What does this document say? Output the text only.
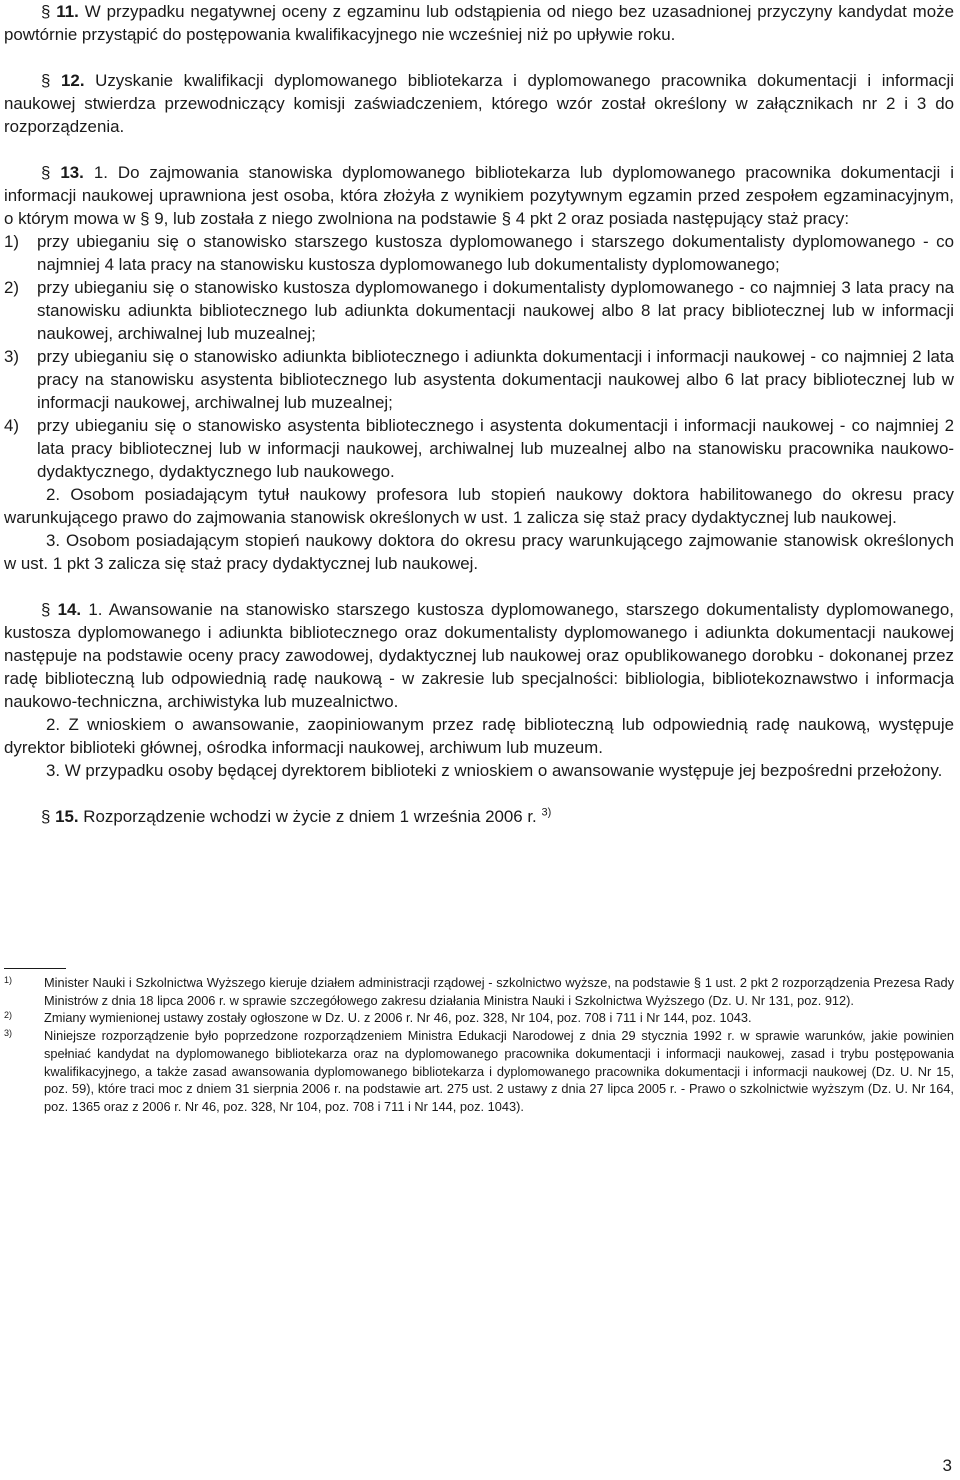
§ 11. W przypadku negatywnej oceny z egzaminu lub odstąpienia od niego bez uzasadnionej przyczyny kandydat może powtórnie przystąpić do postępowania kwalifikacyjnego nie wcześniej niż po upływie roku.

§ 12. Uzyskanie kwalifikacji dyplomowanego bibliotekarza i dyplomowanego pracownika dokumentacji i informacji naukowej stwierdza przewodniczący komisji zaświadczeniem, którego wzór został określony w załącznikach nr 2 i 3 do rozporządzenia.

§ 13. 1. Do zajmowania stanowiska dyplomowanego bibliotekarza lub dyplomowanego pracownika dokumentacji i informacji naukowej uprawniona jest osoba, która złożyła z wynikiem pozytywnym egzamin przed zespołem egzaminacyjnym, o którym mowa w § 9, lub została z niego zwolniona na podstawie § 4 pkt 2 oraz posiada następujący staż pracy:

1) przy ubieganiu się o stanowisko starszego kustosza dyplomowanego i starszego dokumentalisty dyplomowanego - co najmniej 4 lata pracy na stanowisku kustosza dyplomowanego lub dokumentalisty dyplomowanego;
2) przy ubieganiu się o stanowisko kustosza dyplomowanego i dokumentalisty dyplomowanego - co najmniej 3 lata pracy na stanowisku adiunkta bibliotecznego lub adiunkta dokumentacji naukowej albo 8 lat pracy bibliotecznej lub w informacji naukowej, archiwalnej lub muzealnej;
3) przy ubieganiu się o stanowisko adiunkta bibliotecznego i adiunkta dokumentacji i informacji naukowej - co najmniej 2 lata pracy na stanowisku asystenta bibliotecznego lub asystenta dokumentacji naukowej albo 6 lat pracy bibliotecznej lub w informacji naukowej, archiwalnej lub muzealnej;
4) przy ubieganiu się o stanowisko asystenta bibliotecznego i asystenta dokumentacji i informacji naukowej - co najmniej 2 lata pracy bibliotecznej lub w informacji naukowej, archiwalnej lub muzealnej albo na stanowisku pracownika naukowo-dydaktycznego, dydaktycznego lub naukowego.

2. Osobom posiadającym tytuł naukowy profesora lub stopień naukowy doktora habilitowanego do okresu pracy warunkującego prawo do zajmowania stanowisk określonych w ust. 1 zalicza się staż pracy dydaktycznej lub naukowej.

3. Osobom posiadającym stopień naukowy doktora do okresu pracy warunkującego zajmowanie stanowisk określonych w ust. 1 pkt 3 zalicza się staż pracy dydaktycznej lub naukowej.

§ 14. 1. Awansowanie na stanowisko starszego kustosza dyplomowanego, starszego dokumentalisty dyplomowanego, kustosza dyplomowanego i adiunkta bibliotecznego oraz dokumentalisty dyplomowanego i adiunkta dokumentacji naukowej następuje na podstawie oceny pracy zawodowej, dydaktycznej lub naukowej oraz opublikowanego dorobku - dokonanej przez radę biblioteczną lub odpowiednią radę naukową - w zakresie lub specjalności: bibliologia, bibliotekoznawstwo i informacja naukowo-techniczna, archiwistyka lub muzealnictwo.

2. Z wnioskiem o awansowanie, zaopiniowanym przez radę biblioteczną lub odpowiednią radę naukową, występuje dyrektor biblioteki głównej, ośrodka informacji naukowej, archiwum lub muzeum.

3. W przypadku osoby będącej dyrektorem biblioteki z wnioskiem o awansowanie występuje jej bezpośredni przełożony.

§ 15. Rozporządzenie wchodzi w życie z dniem 1 września 2006 r. $^{3)}$

1) Minister Nauki i Szkolnictwa Wyższego kieruje działem administracji rządowej - szkolnictwo wyższe, na podstawie § 1 ust. 2 pkt 2 rozporządzenia Prezesa Rady Ministrów z dnia 18 lipca 2006 r. w sprawie szczegółowego zakresu działania Ministra Nauki i Szkolnictwa Wyższego (Dz. U. Nr 131, poz. 912).
2) Zmiany wymienionej ustawy zostały ogłoszone w Dz. U. z 2006 r. Nr 46, poz. 328, Nr 104, poz. 708 i 711 i Nr 144, poz. 1043.
3) Niniejsze rozporządzenie było poprzedzone rozporządzeniem Ministra Edukacji Narodowej z dnia 29 stycznia 1992 r. w sprawie warunków, jakie powinien spełniać kandydat na dyplomowanego bibliotekarza oraz na dyplomowanego pracownika dokumentacji i informacji naukowej, zasad i trybu postępowania kwalifikacyjnego, a także zasad awansowania dyplomowanego bibliotekarza i dyplomowanego pracownika dokumentacji i informacji naukowej (Dz. U. Nr 15, poz. 59), które traci moc z dniem 31 sierpnia 2006 r. na podstawie art. 275 ust. 2 ustawy z dnia 27 lipca 2005 r. - Prawo o szkolnictwie wyższym (Dz. U. Nr 164, poz. 1365 oraz z 2006 r. Nr 46, poz. 328, Nr 104, poz. 708 i 711 i Nr 144, poz. 1043).
3
